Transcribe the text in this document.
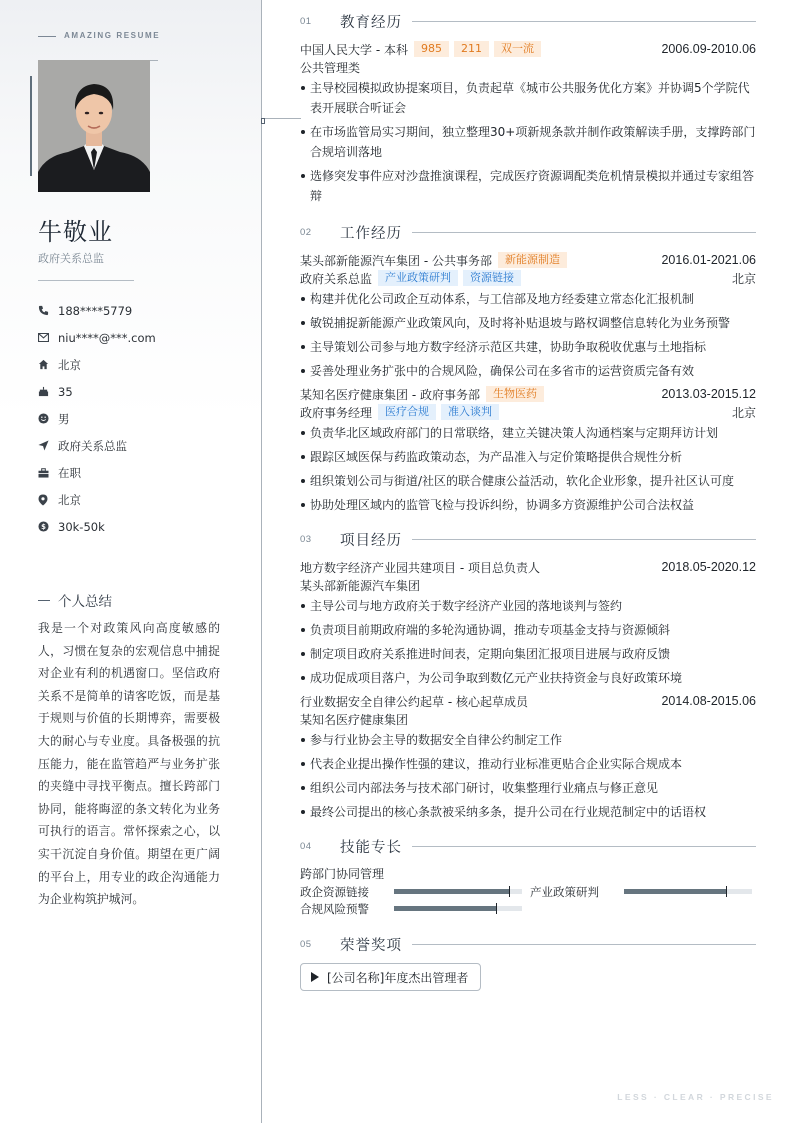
AMAZING RESUME
牛敬业
政府关系总监
188****5779
niu****@***.com
北京
35
男
政府关系总监
在职
北京
$ 30k-50k
个人总结

我是一个对政策风向高度敏感的人，习惯在复杂的宏观信息中捕捉对企业有利的机遇窗口。坚信政府关系不是简单的请客吃饭，而是基于规则与价值的长期博弈，需要极大的耐心与专业度。具备极强的抗压能力，能在监管趋严与业务扩张的夹缝中寻找平衡点。擅长跨部门协同，能将晦涩的条文转化为业务可执行的语言。常怀探索之心，以实干沉淀自身价值。期望在更广阔的平台上，用专业的政企沟通能力为企业构筑护城河。

01	教育经历
中国人民大学 - 本科	985	211	双一流	2006.09-2010.06
公共管理类
主导校园模拟政协提案项目，负责起草《城市公共服务优化方案》并协调5个学院代表开展联合听证会
在市场监管局实习期间，独立整理30+项新规条款并制作政策解读手册，支撑跨部门合规培训落地
选修突发事件应对沙盘推演课程，完成医疗资源调配类危机情景模拟并通过专家组答辩
02	工作经历
某头部新能源汽车集团 - 公共事务部	新能源制造	2016.01-2021.06
政府关系总监	产业政策研判	资源链接	北京
构建并优化公司政企互动体系，与工信部及地方经委建立常态化汇报机制
敏锐捕捉新能源产业政策风向，及时将补贴退坡与路权调整信息转化为业务预警
主导策划公司参与地方数字经济示范区共建，协助争取税收优惠与土地指标
妥善处理业务扩张中的合规风险，确保公司在多省市的运营资质完备有效
某知名医疗健康集团 - 政府事务部	生物医药	2013.03-2015.12
政府事务经理	医疗合规	准入谈判	北京
负责华北区域政府部门的日常联络，建立关键决策人沟通档案与定期拜访计划
跟踪区域医保与药监政策动态，为产品准入与定价策略提供合规性分析
组织策划公司与街道/社区的联合健康公益活动，软化企业形象，提升社区认可度
协助处理区域内的监管飞检与投诉纠纷，协调多方资源维护公司合法权益
03	项目经历
地方数字经济产业园共建项目 - 项目总负责人	2018.05-2020.12
某头部新能源汽车集团
主导公司与地方政府关于数字经济产业园的落地谈判与签约
负责项目前期政府端的多轮沟通协调，推动专项基金支持与资源倾斜
制定项目政府关系推进时间表，定期向集团汇报项目进展与政府反馈
成功促成项目落户，为公司争取到数亿元产业扶持资金与良好政策环境
行业数据安全自律公约起草 - 核心起草成员	2014.08-2015.06
某知名医疗健康集团
参与行业协会主导的数据安全自律公约制定工作
代表企业提出操作性强的建议，推动行业标准更贴合企业实际合规成本
组织公司内部法务与技术部门研讨，收集整理行业痛点与修正意见
最终公司提出的核心条款被采纳多条，提升公司在行业规范制定中的话语权
04	技能专长
跨部门协同管理
政企资源链接	产业政策研判
合规风险预警
05	荣誉奖项
[公司名称]年度杰出管理者
LESS · CLEAR · PRECISE
